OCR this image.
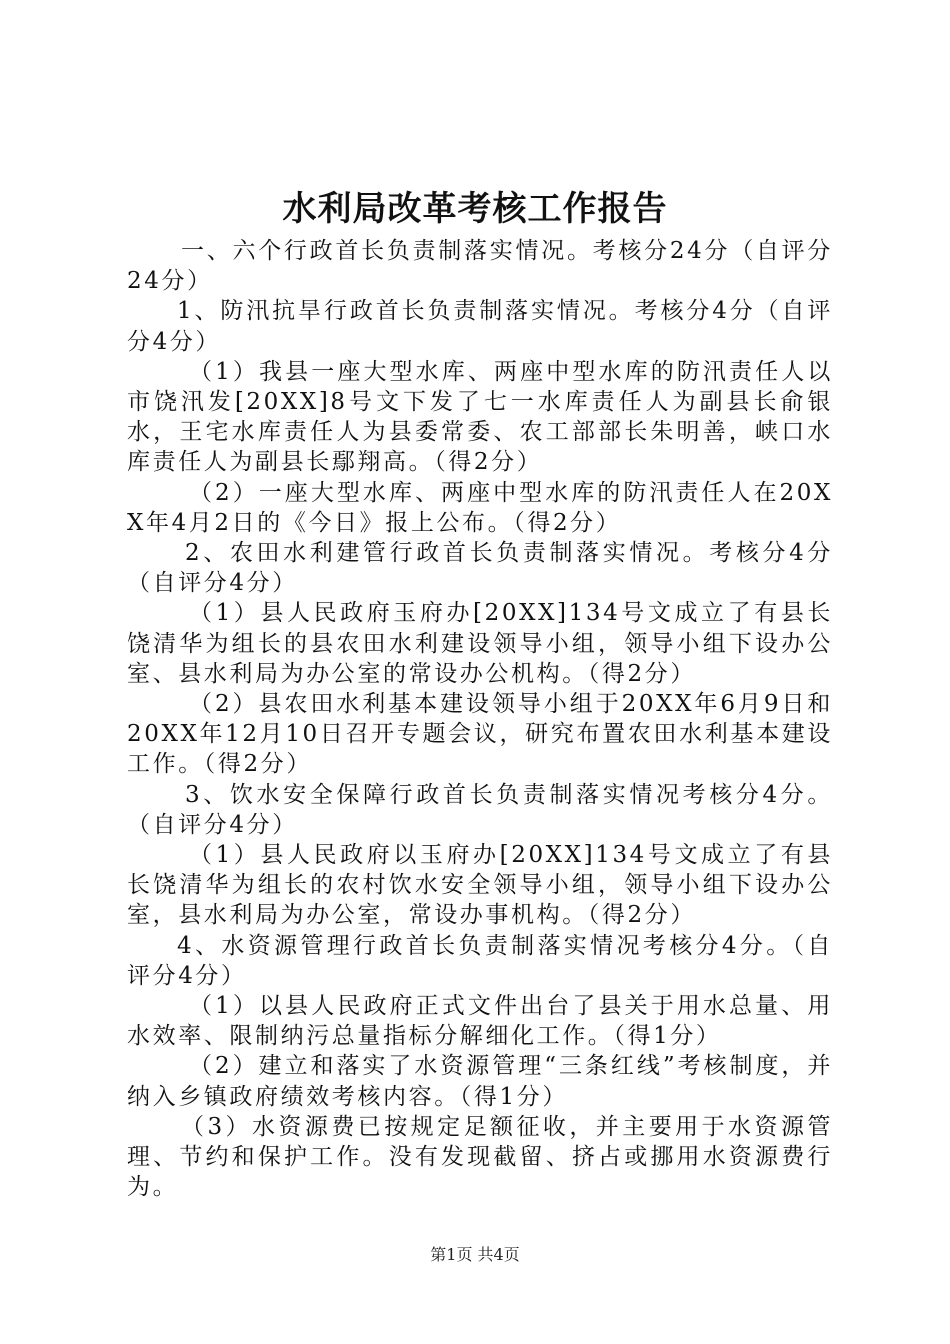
水利局改革考核工作报告

一、六个行政首长负责制落实情况。考核分24分（自评分24分）

1、防汛抗旱行政首长负责制落实情况。考核分4分（自评分4分）

（1）我县一座大型水库、两座中型水库的防汛责任人以市饶汛发[20XX]8号文下发了七一水库责任人为副县长俞银水，王宅水库责任人为县委常委、农工部部长朱明善，峡口水库责任人为副县长鄢翔高。（得2分）

（2）一座大型水库、两座中型水库的防汛责任人在20XX年4月2日的《今日》报上公布。（得2分）

2、农田水利建管行政首长负责制落实情况。考核分4分（自评分4分）

（1）县人民政府玉府办[20XX]134号文成立了有县长饶清华为组长的县农田水利建设领导小组，领导小组下设办公室、县水利局为办公室的常设办公机构。（得2分）

（2）县农田水利基本建设领导小组于20XX年6月9日和20XX年12月10日召开专题会议，研究布置农田水利基本建设工作。（得2分）

3、饮水安全保障行政首长负责制落实情况考核分4分。（自评分4分）

（1）县人民政府以玉府办[20XX]134号文成立了有县长饶清华为组长的农村饮水安全领导小组，领导小组下设办公室，县水利局为办公室，常设办事机构。（得2分）

4、水资源管理行政首长负责制落实情况考核分4分。（自评分4分）

（1）以县人民政府正式文件出台了县关于用水总量、用水效率、限制纳污总量指标分解细化工作。（得1分）

（2）建立和落实了水资源管理“三条红线”考核制度，并纳入乡镇政府绩效考核内容。（得1分）

（3）水资源费已按规定足额征收，并主要用于水资源管理、节约和保护工作。没有发现截留、挤占或挪用水资源费行为。

第1页 共4页
